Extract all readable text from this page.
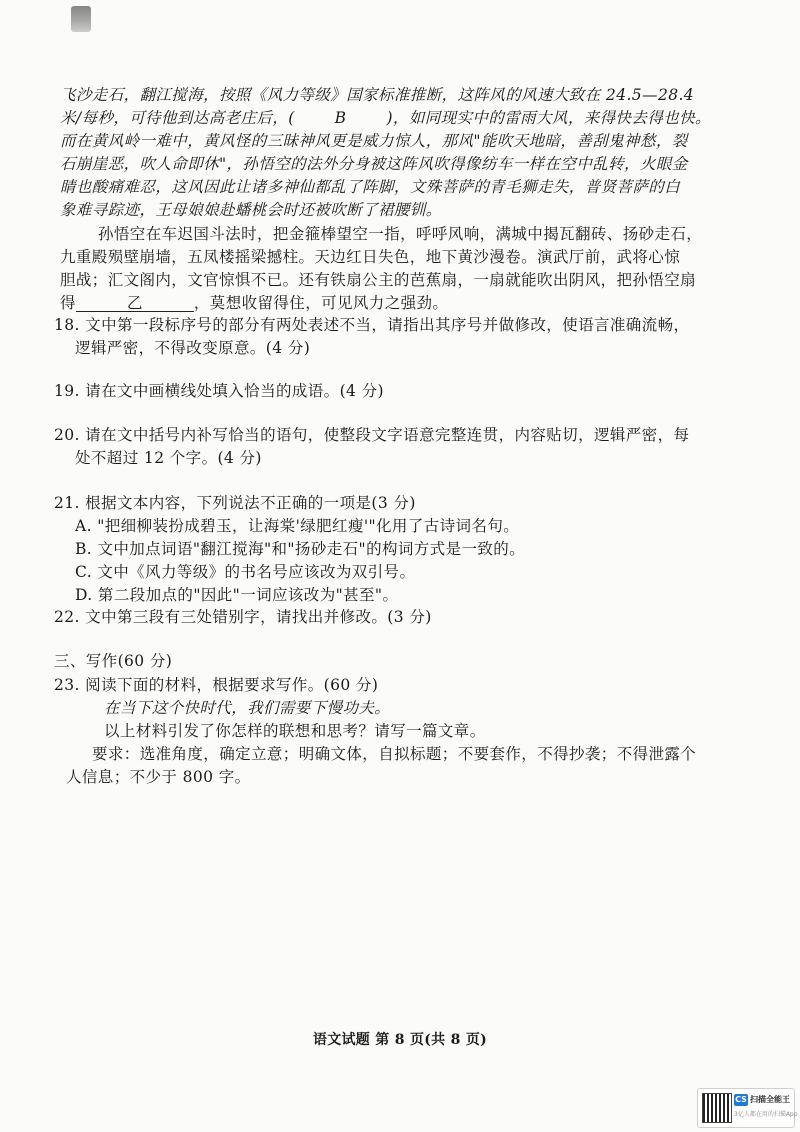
飞沙走石，翻江搅海，按照《风力等级》国家标准推断，这阵风的风速大致在 24.5—28.4
米/每秒，可待他到达高老庄后，(	B	)，如同现实中的雷雨大风，来得快去得也快。
而在黄风岭一难中，黄风怪的三昧神风更是威力惊人，那风"能吹天地暗，善刮鬼神愁，裂
石崩崖恶，吹人命即休"，孙悟空的法外分身被这阵风吹得像纺车一样在空中乱转，火眼金
睛也酸痛难忍，这风因此让诸多神仙都乱了阵脚，文殊菩萨的青毛狮走失，普贤菩萨的白
象难寻踪迹，王母娘娘赴蟠桃会时还被吹断了裙腰钏。
孙悟空在车迟国斗法时，把金箍棒望空一指，呼呼风响，满城中揭瓦翻砖、扬砂走石，
九重殿殒壁崩墙，五凤楼摇梁撼柱。天边红日失色，地下黄沙漫卷。演武厅前，武将心惊
胆战；汇文阁内，文官惊惧不已。还有铁扇公主的芭蕉扇，一扇就能吹出阴风，把孙悟空扇
得	乙	，莫想收留得住，可见风力之强劲。
18. 文中第一段标序号的部分有两处表述不当，请指出其序号并做修改，使语言准确流畅，
逻辑严密，不得改变原意。(4 分)
19. 请在文中画横线处填入恰当的成语。(4 分)
20. 请在文中括号内补写恰当的语句，使整段文字语意完整连贯，内容贴切，逻辑严密，每
处不超过 12 个字。(4 分)
21. 根据文本内容，下列说法不正确的一项是(3 分)
A. "把细柳装扮成碧玉，让海棠'绿肥红瘦'"化用了古诗词名句。
B. 文中加点词语"翻江搅海"和"扬砂走石"的构词方式是一致的。
C. 文中《风力等级》的书名号应该改为双引号。
D. 第二段加点的"因此"一词应该改为"甚至"。
22. 文中第三段有三处错别字，请找出并修改。(3 分)
三、写作(60 分)
23. 阅读下面的材料，根据要求写作。(60 分)
在当下这个快时代，我们需要下慢功夫。
以上材料引发了你怎样的联想和思考？请写一篇文章。
要求：选准角度，确定立意；明确文体，自拟标题；不要套作，不得抄袭；不得泄露个
人信息；不少于 800 字。
语文试题 第 8 页(共 8 页)
CS 扫描全能王
3亿人都在用的扫描App
